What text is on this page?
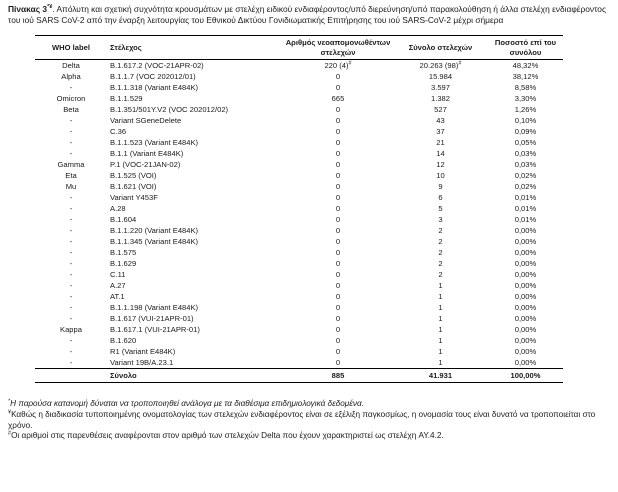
Πίνακας 3*¥. Απόλυτη και σχετική συχνότητα κρουσμάτων με στελέχη ειδικού ενδιαφέροντος/υπό διερεύνηση/υπό παρακολούθηση ή άλλα στελέχη ενδιαφέροντος του ιού SARS CoV-2 από την έναρξη λειτουργίας του Εθνικού Δικτύου Γονιδιωματικής Επιτήρησης του ιού SARS-CoV-2 μέχρι σήμερα

WHO label	Στέλεχος	Αριθμός νεοαπομονωθέντων στελεχών	Σύνολο στελεχών	Ποσοστό επί του συνόλου
Delta	B.1.617.2 (VOC-21APR-02)	220 (4)#	20.263 (98)#	48,32%
Alpha	B.1.1.7 (VOC 202012/01)	0	15.984	38,12%
-	B.1.1.318 (Variant E484K)	0	3.597	8,58%
Omicron	B.1.1.529	665	1.382	3,30%
Beta	B.1.351/501Y.V2 (VOC 202012/02)	0	527	1,26%
-	Variant SGeneDelete	0	43	0,10%
-	C.36	0	37	0,09%
-	B.1.1.523 (Variant E484K)	0	21	0,05%
-	B.1.1 (Variant E484K)	0	14	0,03%
Gamma	P.1 (VOC-21JAN-02)	0	12	0,03%
Eta	B.1.525 (VOI)	0	10	0,02%
Mu	B.1.621 (VOI)	0	9	0,02%
-	Variant Y453F	0	6	0,01%
-	A.28	0	5	0,01%
-	B.1.604	0	3	0,01%
-	B.1.1.220 (Variant E484K)	0	2	0,00%
-	B.1.1.345 (Variant E484K)	0	2	0,00%
-	B.1.575	0	2	0,00%
-	B.1.629	0	2	0,00%
-	C.11	0	2	0,00%
-	A.27	0	1	0,00%
-	AT.1	0	1	0,00%
-	B.1.1.198 (Variant E484K)	0	1	0,00%
-	B.1.617 (VUI-21APR-01)	0	1	0,00%
Kappa	B.1.617.1 (VUI-21APR-01)	0	1	0,00%
-	B.1.620	0	1	0,00%
-	R1 (Variant E484K)	0	1	0,00%
-	Variant 19B/A.23.1	0	1	0,00%
	Σύνολο	885	41.931	100,00%

*Η παρούσα κατανομή δύναται να τροποποιηθεί ανάλογα με τα διαθέσιμα επιδημιολογικά δεδομένα.

¥Καθώς η διαδικασία τυποποιημένης ονοματολογίας των στελεχών ενδιαφέροντος είναι σε εξέλιξη παγκοσμίως, η ονομασία τους είναι δυνατό να τροποποιείται στο χρόνο.

#Οι αριθμοί στις παρενθέσεις αναφέρονται στον αριθμό των στελεχών Delta που έχουν χαρακτηριστεί ως στελέχη AY.4.2.
